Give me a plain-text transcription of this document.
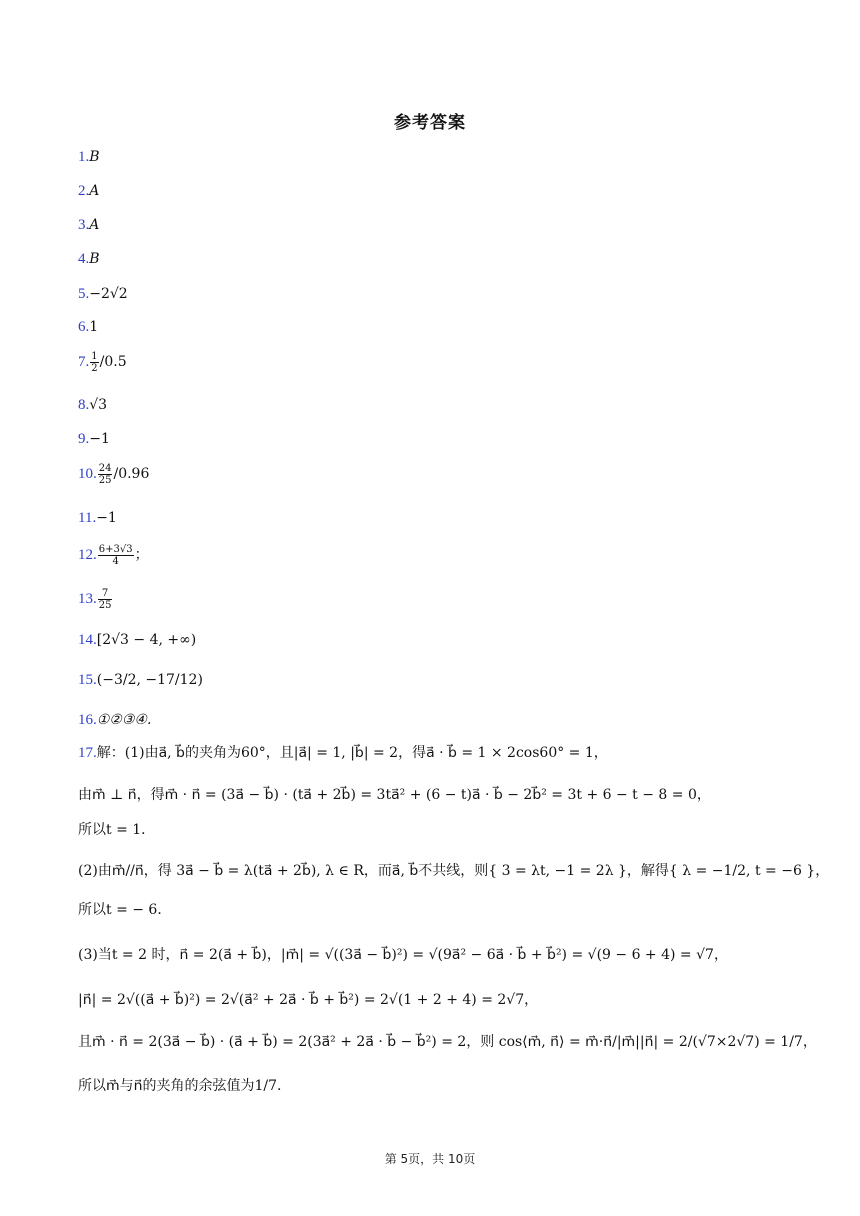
参考答案
1.B
2.A
3.A
4.B
5.−2√2
6.1
7. $\frac{1}{2} /0.5$
8.√3
9.−1
10. $\frac{24}{25} /0.96$
11.−1
12. $\frac{6+3√3}{4}$ ；
13. $\frac{7}{25}$
14.[2√3 − 4, +∞)
15.(−3/2, −17/12)
16.①②③④.
17.解：(1)由a⃗, b⃗的夹角为60°，且|a⃗| = 1, |b⃗| = 2，得a⃗ · b⃗ = 1 × 2cos60° = 1，
由m⃗ ⊥ n⃗，得m⃗ · n⃗ = (3a⃗ − b⃗) · (ta⃗ + 2b⃗) = 3ta⃗² + (6 − t)a⃗ · b⃗ − 2b⃗² = 3t + 6 − t − 8 = 0，
所以t = 1．
(2)由m⃗//n⃗，得 3a⃗ − b⃗ = λ(ta⃗ + 2b⃗), λ ∈ R，而a⃗, b⃗不共线，则{ 3 = λt, −1 = 2λ }，解得{ λ = −1/2, t = −6 }，
所以t = − 6．
(3)当t = 2 时，n⃗ = 2(a⃗ + b⃗)，|m⃗| = √((3a⃗ − b⃗)²) = √(9a⃗² − 6a⃗ · b⃗ + b⃗²) = √(9 − 6 + 4) = √7，
|n⃗| = 2√((a⃗ + b⃗)²) = 2√(a⃗² + 2a⃗ · b⃗ + b⃗²) = 2√(1 + 2 + 4) = 2√7，
且m⃗ · n⃗ = 2(3a⃗ − b⃗) · (a⃗ + b⃗) = 2(3a⃗² + 2a⃗ · b⃗ − b⃗²) = 2，则 cos⟨m⃗, n⃗⟩ = m⃗·n⃗/|m⃗||n⃗| = 2/(√7×2√7) = 1/7，
所以m⃗与n⃗的夹角的余弦值为1/7.
第 5页，共 10页
